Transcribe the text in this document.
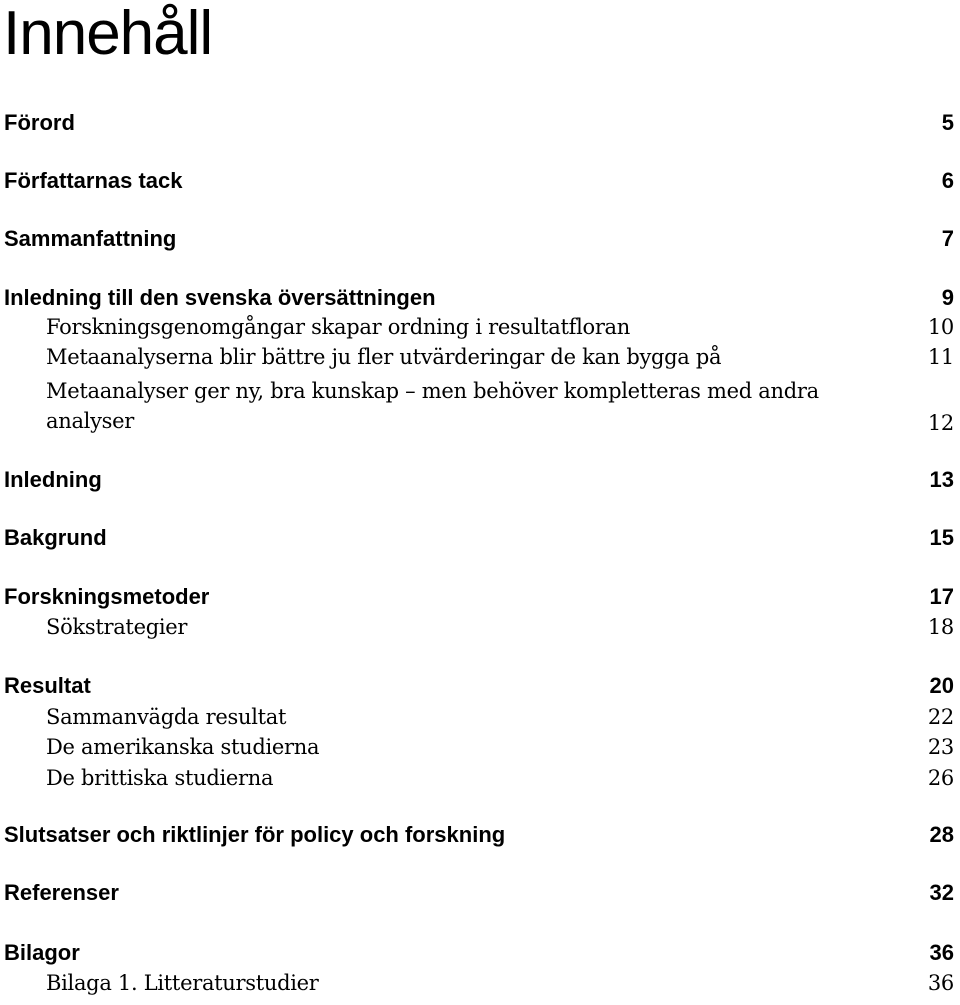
Innehåll
Förord	5
Författarnas tack	6
Sammanfattning	7
Inledning till den svenska översättningen	9
Forskningsgenomgångar skapar ordning i resultatfloran	10
Metaanalyserna blir bättre ju fler utvärderingar de kan bygga på	11
Metaanalyser ger ny, bra kunskap – men behöver kompletteras med andra analyser	12
Inledning	13
Bakgrund	15
Forskningsmetoder	17
Sökstrategier	18
Resultat	20
Sammanvägda resultat	22
De amerikanska studierna	23
De brittiska studierna	26
Slutsatser och riktlinjer för policy och forskning	28
Referenser	32
Bilagor	36
Bilaga 1. Litteraturstudier	36
